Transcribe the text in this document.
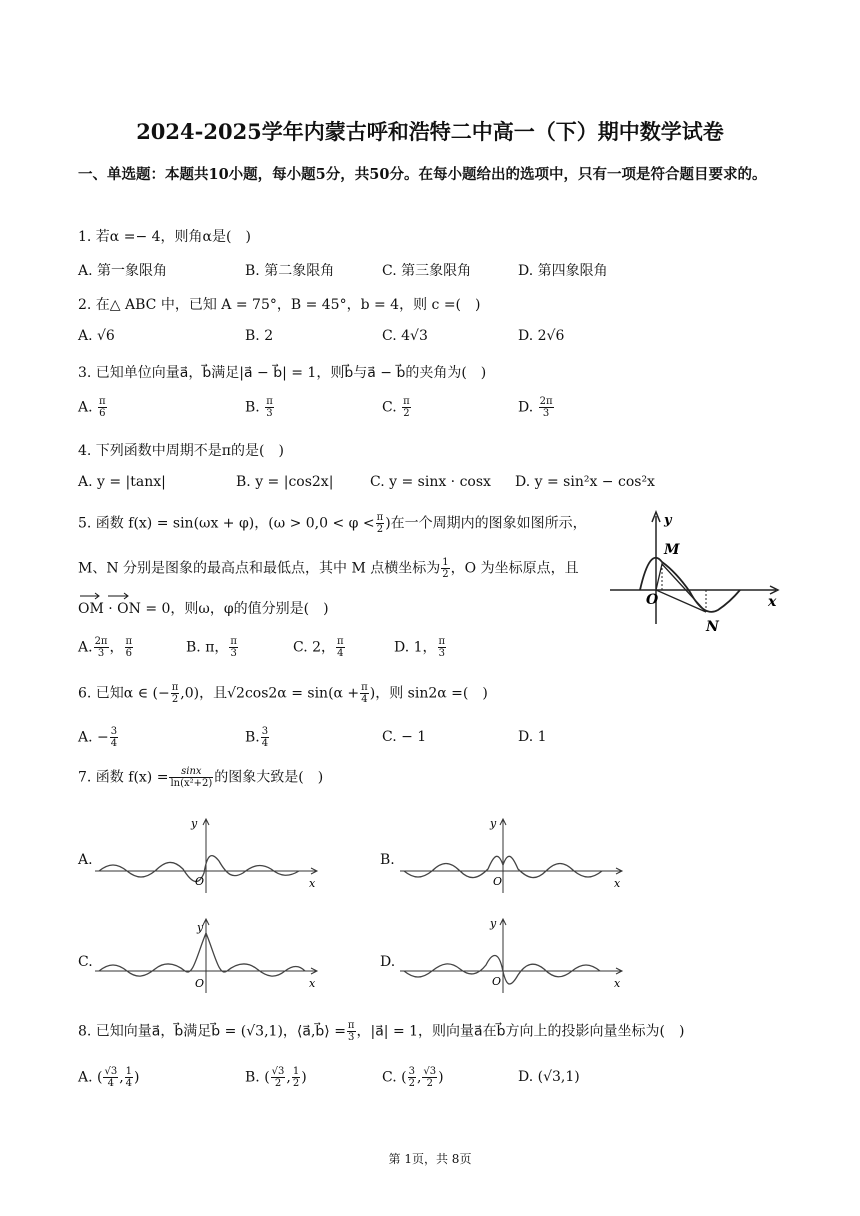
2024-2025学年内蒙古呼和浩特二中高一（下）期中数学试卷
一、单选题：本题共10小题，每小题5分，共50分。在每小题给出的选项中，只有一项是符合题目要求的。
1. 若α =− 4，则角α是(　)
A. 第一象限角	B. 第二象限角	C. 第三象限角	D. 第四象限角
2. 在△ ABC 中，已知 A = 75°，B = 45°，b = 4，则 c =(　)
A. √6	B. 2	C. 4√3	D. 2√6
3. 已知单位向量a⃗，b⃗满足|a⃗ − b⃗| = 1，则b⃗与a⃗ − b⃗的夹角为(　)
A. $\frac{\pi}{6}$	B. $\frac{\pi}{3}$	C. $\frac{\pi}{2}$	D. $\frac{2\pi}{3}$
4. 下列函数中周期不是π的是(　)
A. y = |tanx|	B. y = |cos2x|	C. y = sinx · cosx D. y = sin²x − cos²x
5. 函数 f(x) = sin(ωx + φ)，($\omega > 0,0 < \varphi < \frac{\pi}{2}$ )在一个周期内的图象如图所示，
M、N 分别是图象的最高点和最低点，其中 M 点横坐标为 $\frac{1}{2}$ ，O 为坐标原点，且
OM · ON = 0，则ω，φ的值分别是(　)
A. $\frac{2\pi}{3}$ ， $\frac{\pi}{6}$	B. π， $\frac{\pi}{3}$	C. 2， $\frac{\pi}{4}$	D. 1， $\frac{\pi}{3}$
M
O
N
y
x
6. 已知α ∈ (− $\frac{\pi}{2} ,0$)，且$√2\cos 2\alpha = \sin(\alpha + \frac{\pi}{4}$ )，则 sin2α =(　)
A. − $\frac{3}{4}$	B. $\frac{3}{4}$	C. − 1	D. 1
7. 函数 $f(x) = \frac{\sin x}{\text{ln(x²+2)}}$ 的图象大致是(　)
A.	B.
C.	D.
y
O	x
y
O	x
y
O	x
y
O	x
8. 已知向量a⃗，b⃗满足b⃗ = (√3,1)，⟨a⃗,b⃗⟩ = $\frac{\pi}{3}$ ，|a⃗| = 1，则向量a⃗在b⃗方向上的投影向量坐标为(　)
A. ( $\frac{√3}{4}$ , $\frac{1}{4}$ )	B. ( $\frac{√3}{2}$ , $\frac{1}{2}$ )	C. ( $\frac{3}{2}$ , $\frac{√3}{2}$ )	D. (√3,1)
第 1页，共 8页
